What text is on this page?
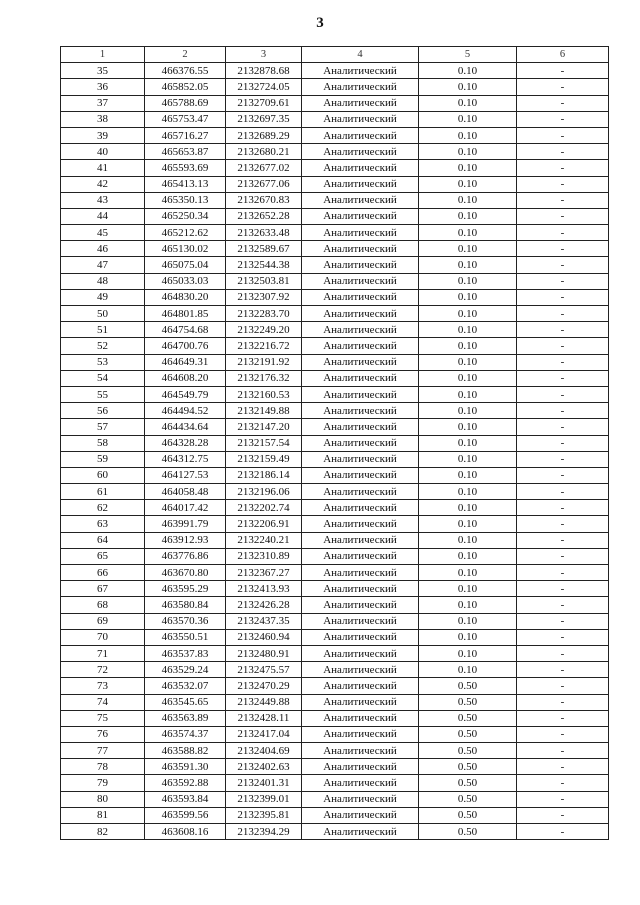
3
1	2	3	4	5	6
35	466376.55	2132878.68	Аналитический	0.10	-
36	465852.05	2132724.05	Аналитический	0.10	-
37	465788.69	2132709.61	Аналитический	0.10	-
38	465753.47	2132697.35	Аналитический	0.10	-
39	465716.27	2132689.29	Аналитический	0.10	-
40	465653.87	2132680.21	Аналитический	0.10	-
41	465593.69	2132677.02	Аналитический	0.10	-
42	465413.13	2132677.06	Аналитический	0.10	-
43	465350.13	2132670.83	Аналитический	0.10	-
44	465250.34	2132652.28	Аналитический	0.10	-
45	465212.62	2132633.48	Аналитический	0.10	-
46	465130.02	2132589.67	Аналитический	0.10	-
47	465075.04	2132544.38	Аналитический	0.10	-
48	465033.03	2132503.81	Аналитический	0.10	-
49	464830.20	2132307.92	Аналитический	0.10	-
50	464801.85	2132283.70	Аналитический	0.10	-
51	464754.68	2132249.20	Аналитический	0.10	-
52	464700.76	2132216.72	Аналитический	0.10	-
53	464649.31	2132191.92	Аналитический	0.10	-
54	464608.20	2132176.32	Аналитический	0.10	-
55	464549.79	2132160.53	Аналитический	0.10	-
56	464494.52	2132149.88	Аналитический	0.10	-
57	464434.64	2132147.20	Аналитический	0.10	-
58	464328.28	2132157.54	Аналитический	0.10	-
59	464312.75	2132159.49	Аналитический	0.10	-
60	464127.53	2132186.14	Аналитический	0.10	-
61	464058.48	2132196.06	Аналитический	0.10	-
62	464017.42	2132202.74	Аналитический	0.10	-
63	463991.79	2132206.91	Аналитический	0.10	-
64	463912.93	2132240.21	Аналитический	0.10	-
65	463776.86	2132310.89	Аналитический	0.10	-
66	463670.80	2132367.27	Аналитический	0.10	-
67	463595.29	2132413.93	Аналитический	0.10	-
68	463580.84	2132426.28	Аналитический	0.10	-
69	463570.36	2132437.35	Аналитический	0.10	-
70	463550.51	2132460.94	Аналитический	0.10	-
71	463537.83	2132480.91	Аналитический	0.10	-
72	463529.24	2132475.57	Аналитический	0.10	-
73	463532.07	2132470.29	Аналитический	0.50	-
74	463545.65	2132449.88	Аналитический	0.50	-
75	463563.89	2132428.11	Аналитический	0.50	-
76	463574.37	2132417.04	Аналитический	0.50	-
77	463588.82	2132404.69	Аналитический	0.50	-
78	463591.30	2132402.63	Аналитический	0.50	-
79	463592.88	2132401.31	Аналитический	0.50	-
80	463593.84	2132399.01	Аналитический	0.50	-
81	463599.56	2132395.81	Аналитический	0.50	-
82	463608.16	2132394.29	Аналитический	0.50	-
